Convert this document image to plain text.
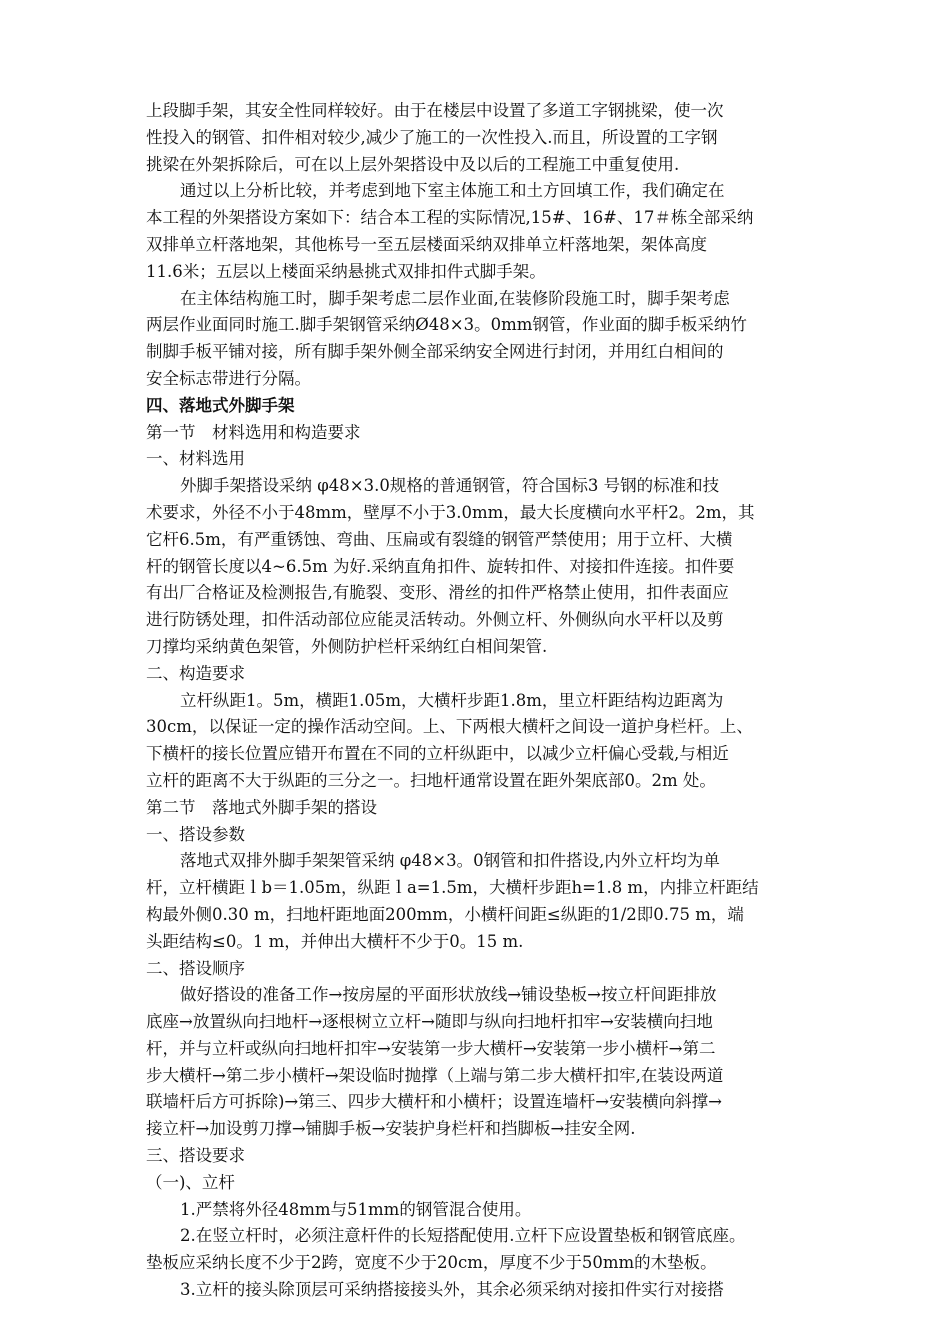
上段脚手架，其安全性同样较好。由于在楼层中设置了多道工字钢挑梁，使一次
性投入的钢管、扣件相对较少,减少了施工的一次性投入.而且，所设置的工字钢
挑梁在外架拆除后，可在以上层外架搭设中及以后的工程施工中重复使用.
通过以上分析比较，并考虑到地下室主体施工和土方回填工作，我们确定在
本工程的外架搭设方案如下：结合本工程的实际情况,15#、16#、17＃栋全部采纳
双排单立杆落地架，其他栋号一至五层楼面采纳双排单立杆落地架，架体高度
11.6米；五层以上楼面采纳悬挑式双排扣件式脚手架。
在主体结构施工时，脚手架考虑二层作业面,在装修阶段施工时，脚手架考虑
两层作业面同时施工.脚手架钢管采纳Ø48×3。0mm钢管，作业面的脚手板采纳竹
制脚手板平铺对接，所有脚手架外侧全部采纳安全网进行封闭，并用红白相间的
安全标志带进行分隔。
四、落地式外脚手架
第一节　材料选用和构造要求
一、材料选用
外脚手架搭设采纳 φ48×3.0规格的普通钢管，符合国标3 号钢的标准和技
术要求，外径不小于48mm，壁厚不小于3.0mm，最大长度横向水平杆2。2m，其
它杆6.5m，有严重锈蚀、弯曲、压扁或有裂缝的钢管严禁使用；用于立杆、大横
杆的钢管长度以4~6.5m 为好.采纳直角扣件、旋转扣件、对接扣件连接。扣件要
有出厂合格证及检测报告,有脆裂、变形、滑丝的扣件严格禁止使用，扣件表面应
进行防锈处理，扣件活动部位应能灵活转动。外侧立杆、外侧纵向水平杆以及剪
刀撑均采纳黄色架管，外侧防护栏杆采纳红白相间架管.
二、构造要求
立杆纵距1。5m，横距1.05m，大横杆步距1.8m，里立杆距结构边距离为
30cm，以保证一定的操作活动空间。上、下两根大横杆之间设一道护身栏杆。上、
下横杆的接长位置应错开布置在不同的立杆纵距中，以减少立杆偏心受载,与相近
立杆的距离不大于纵距的三分之一。扫地杆通常设置在距外架底部0。2m 处。
第二节　落地式外脚手架的搭设
一、搭设参数
落地式双排外脚手架架管采纳 φ48×3。0钢管和扣件搭设,内外立杆均为单
杆，立杆横距ｌb＝1.05m，纵距ｌa=1.5m，大横杆步距h=1.8 m，内排立杆距结
构最外侧0.30 m，扫地杆距地面200mm，小横杆间距≤纵距的1/2即0.75 m，端
头距结构≤0。1 m，并伸出大横杆不少于0。15 m.
二、搭设顺序
做好搭设的准备工作→按房屋的平面形状放线→铺设垫板→按立杆间距排放
底座→放置纵向扫地杆→逐根树立立杆→随即与纵向扫地杆扣牢→安装横向扫地
杆，并与立杆或纵向扫地杆扣牢→安装第一步大横杆→安装第一步小横杆→第二
步大横杆→第二步小横杆→架设临时抛撑（上端与第二步大横杆扣牢,在装设两道
联墙杆后方可拆除)→第三、四步大横杆和小横杆；设置连墙杆→安装横向斜撑→
接立杆→加设剪刀撑→铺脚手板→安装护身栏杆和挡脚板→挂安全网.
三、搭设要求
（一)、立杆
1.严禁将外径48mm与51mm的钢管混合使用。
2.在竖立杆时，必须注意杆件的长短搭配使用.立杆下应设置垫板和钢管底座。
垫板应采纳长度不少于2跨，宽度不少于20cm，厚度不少于50mm的木垫板。
3.立杆的接头除顶层可采纳搭接接头外，其余必须采纳对接扣件实行对接搭
